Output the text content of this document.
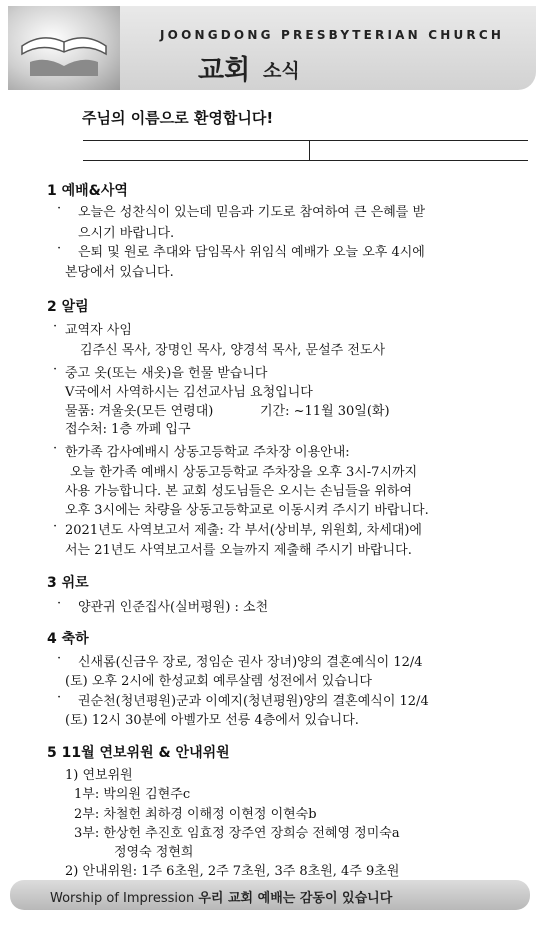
JOONGDONG PRESBYTERIAN CHURCH
교회 소식
주님의 이름으로 환영합니다!
1 예배&사역
· 오늘은 성찬식이 있는데 믿음과 기도로 참여하여 큰 은혜를 받
으시기 바랍니다.
· 은퇴 및 원로 추대와 담임목사 위임식 예배가 오늘 오후 4시에
본당에서 있습니다.
2 알림
· 교역자 사임
김주신 목사, 장명인 목사, 양경석 목사, 문설주 전도사
· 중고 옷(또는 새옷)을 헌물 받습니다
V국에서 사역하시는 김선교사님 요청입니다
물품: 겨울옷(모든 연령대)	기간: ~11월 30일(화)
접수처: 1층 까페 입구
· 한가족 감사예배시 상동고등학교 주차장 이용안내:
오늘 한가족 예배시 상동고등학교 주차장을 오후 3시-7시까지
사용 가능합니다. 본 교회 성도님들은 오시는 손님들을 위하여
오후 3시에는 차량을 상동고등학교로 이동시켜 주시기 바랍니다.
· 2021년도 사역보고서 제출: 각 부서(상비부, 위원회, 차세대)에
서는 21년도 사역보고서를 오늘까지 제출해 주시기 바랍니다.
3 위로
· 양관귀 인준집사(실버평원) : 소천
4 축하
· 신새롬(신금우 장로, 정임순 권사 장녀)양의 결혼예식이 12/4
(토) 오후 2시에 한성교회 예루살렘 성전에서 있습니다
· 권순천(청년평원)군과 이예지(청년평원)양의 결혼예식이 12/4
(토) 12시 30분에 아벨가모 선릉 4층에서 있습니다.
5 11월 연보위원 & 안내위원
1) 연보위원
1부: 박의원 김현주c
2부: 차철헌 최하경 이해정 이현정 이현숙b
3부: 한상헌 추진호 임효정 장주연 장희승 전혜영 정미숙a
정영숙 정현희
2) 안내위원: 1주 6초원, 2주 7초원, 3주 8초원, 4주 9초원
Worship of Impression 우리 교회 예배는 감동이 있습니다
